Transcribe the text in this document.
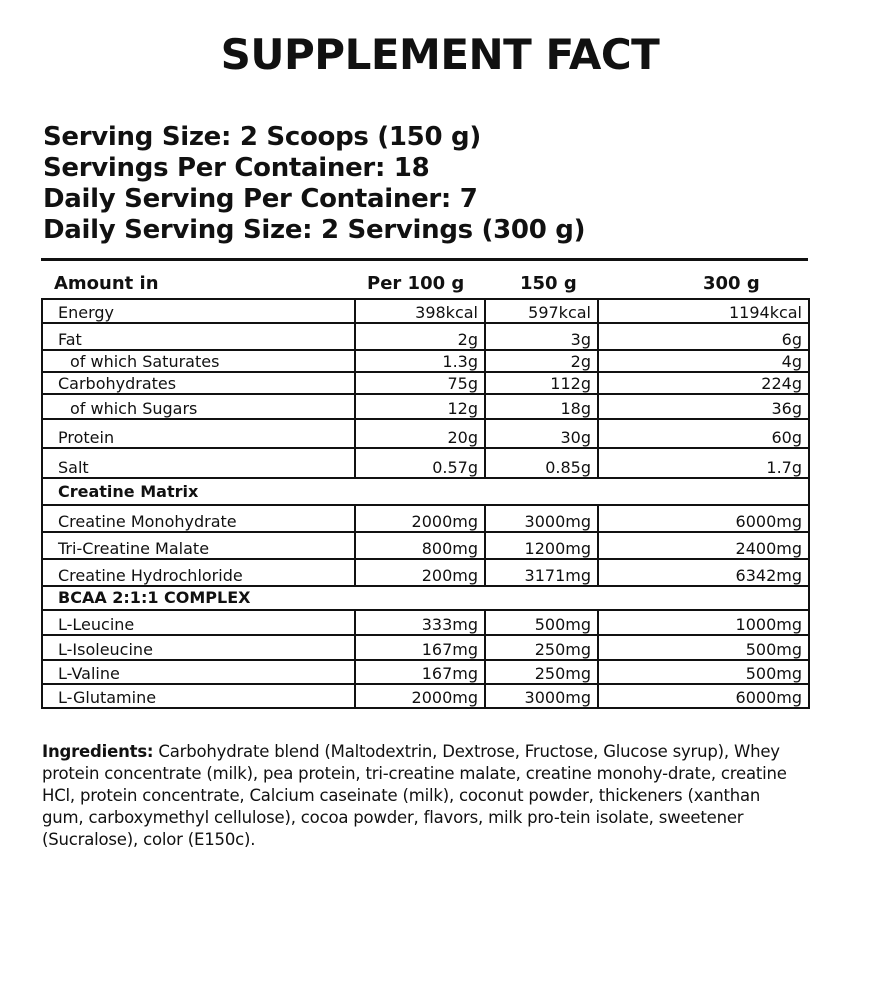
SUPPLEMENT FACT
Serving Size: 2 Scoops (150 g)
Servings Per Container: 18
Daily Serving Per Container: 7
Daily Serving Size: 2 Servings (300 g)
Amount in	Per 100 g	150 g	300 g
Energy	398kcal	597kcal	1194kcal
Fat	2g	3g	6g
of which Saturates	1.3g	2g	4g
Carbohydrates	75g	112g	224g
of which Sugars	12g	18g	36g
Protein	20g	30g	60g
Salt	0.57g	0.85g	1.7g
Creatine Matrix			
Creatine Monohydrate	2000mg	3000mg	6000mg
Tri-Creatine Malate	800mg	1200mg	2400mg
Creatine Hydrochloride	200mg	3171mg	6342mg
BCAA 2:1:1 COMPLEX			
L-Leucine	333mg	500mg	1000mg
L-Isoleucine	167mg	250mg	500mg
L-Valine	167mg	250mg	500mg
L-Glutamine	2000mg	3000mg	6000mg

Ingredients: Carbohydrate blend (Maltodextrin, Dextrose, Fructose, Glucose syrup), Whey protein concentrate (milk), pea protein, tri-creatine malate, creatine monohy-drate, creatine HCl, protein concentrate, Calcium caseinate (milk), coconut powder, thickeners (xanthan gum, carboxymethyl cellulose), cocoa powder, flavors, milk pro-tein isolate, sweetener (Sucralose), color (E150c).
